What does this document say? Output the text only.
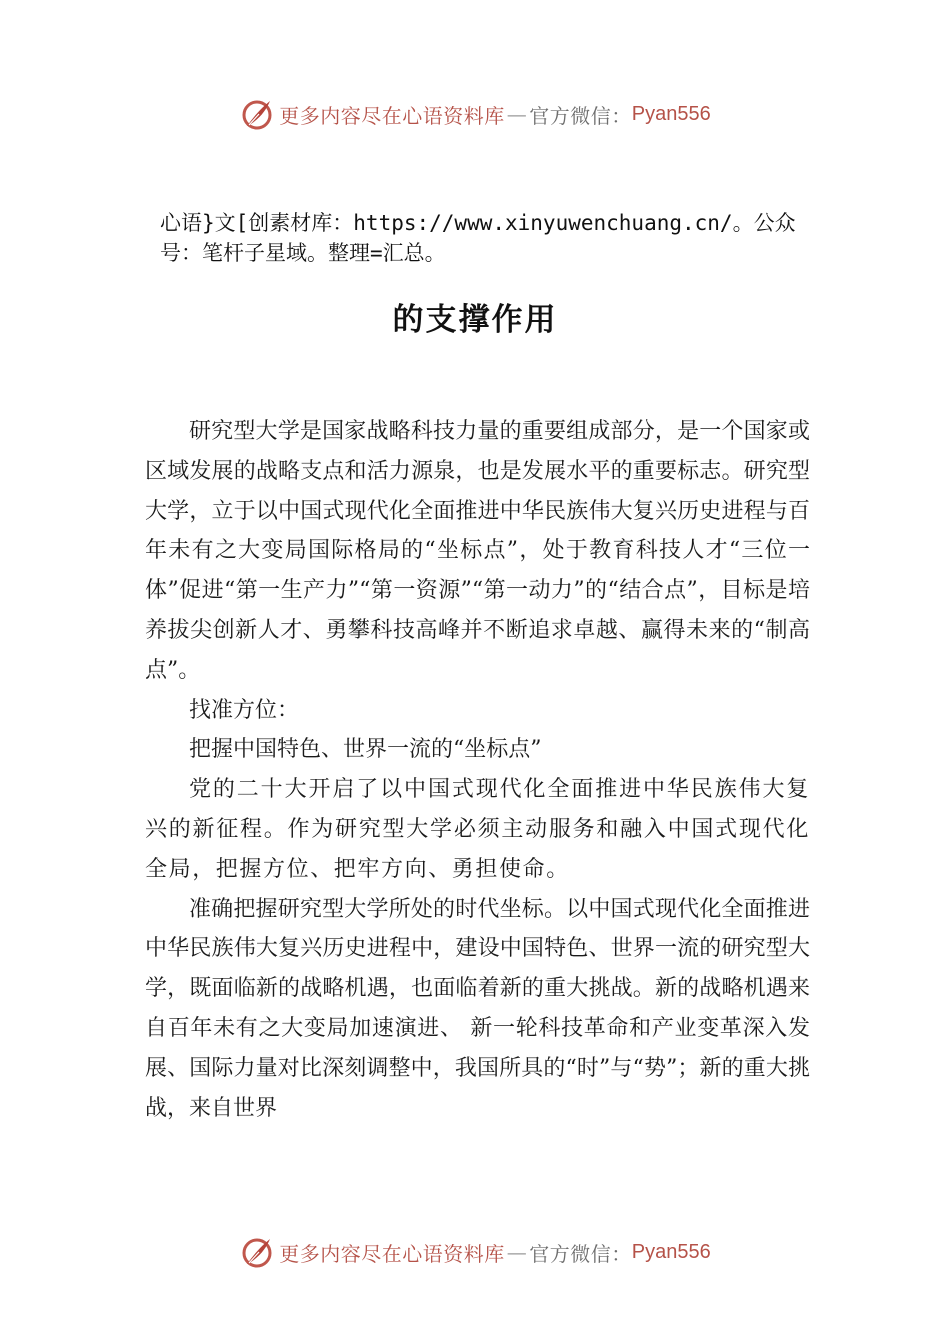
更多内容尽在心语资料库 — 官方微信： Pyan556
心语}文[创素材库：https://www.xinyuwenchuang.cn/。公众号：笔杆子星域。整理=汇总。
的支撑作用

研究型大学是国家战略科技力量的重要组成部分，是一个国家或区域发展的战略支点和活力源泉，也是发展水平的重要标志。研究型大学，立于以中国式现代化全面推进中华民族伟大复兴历史进程与百年未有之大变局国际格局的“坐标点”，处于教育科技人才“三位一体”促进“第一生产力”“第一资源”“第一动力”的“结合点”，目标是培养拔尖创新人才、勇攀科技高峰并不断追求卓越、赢得未来的“制高点”。

找准方位：

把握中国特色、世界一流的“坐标点”

党的二十大开启了以中国式现代化全面推进中华民族伟大复兴的新征程。作为研究型大学必须主动服务和融入中国式现代化全局，把握方位、把牢方向、勇担使命。

准确把握研究型大学所处的时代坐标。以中国式现代化全面推进中华民族伟大复兴历史进程中，建设中国特色、世界一流的研究型大学，既面临新的战略机遇，也面临着新的重大挑战。新的战略机遇来自百年未有之大变局加速演进、 新一轮科技革命和产业变革深入发展、国际力量对比深刻调整中，我国所具的“时”与“势”；新的重大挑战，来自世界

更多内容尽在心语资料库 — 官方微信： Pyan556
